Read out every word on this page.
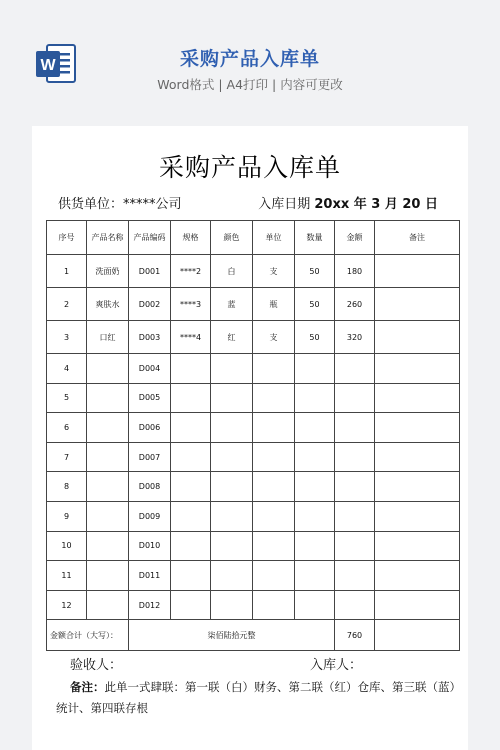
W	采购产品入库单
Word格式 | A4打印 | 内容可更改
采购产品入库单
供货单位：*****公司	入库日期 20xx 年 3 月 20 日
序号	产品名称	产品编码	规格	颜色	单位	数量	金额	备注
1	洗面奶	D001	****2	白	支	50	180	
2	爽肤水	D002	****3	蓝	瓶	50	260	
3	口红	D003	****4	红	支	50	320	
4		D004						
5		D005						
6		D006						
7		D007						
8		D008						
9		D009						
10		D010						
11		D011						
12		D012						
金额合计（大写）：		柒佰陆拾元整					760	
验收人：	入库人：
备注：此单一式肆联：第一联（白）财务、第二联（红）仓库、第三联（蓝）统计、第四联存根
